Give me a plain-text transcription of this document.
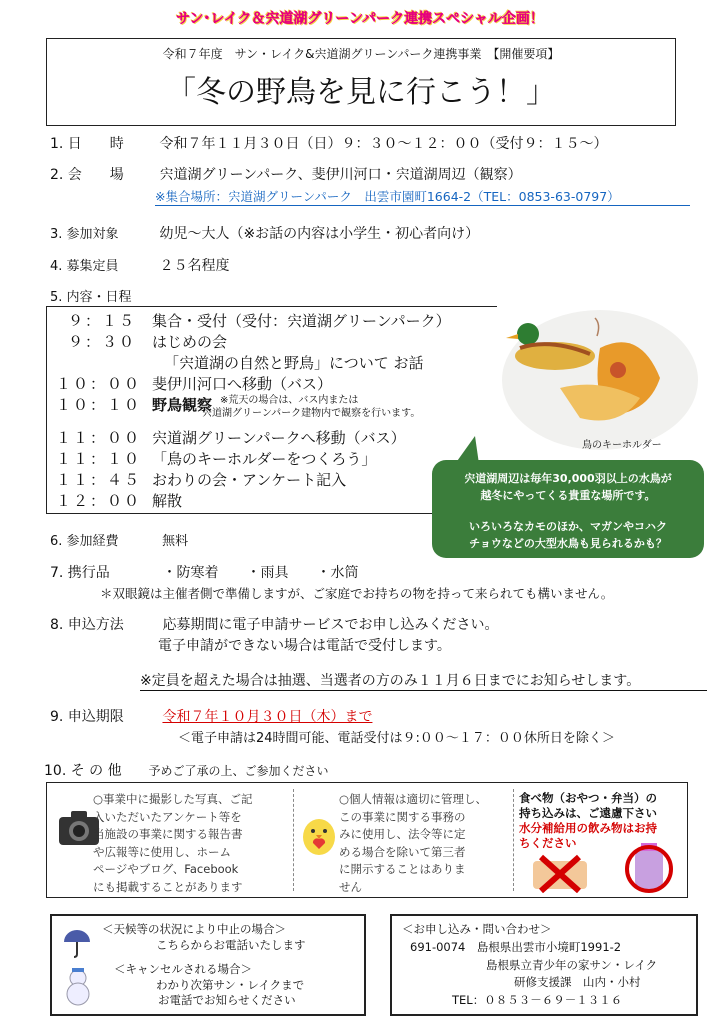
サン･レイク＆宍道湖グリーンパーク連携スペシャル企画！
令和７年度　サン・レイク&宍道湖グリーンパーク連携事業　【開催要項】
「冬の野鳥を見に行こう！」
1. 日　　時	令和７年１１月３０日（日）９：３０～１２：００（受付９：１５～）
2. 会　　場	宍道湖グリーンパーク、斐伊川河口・宍道湖周辺（観察）
※集合場所：宍道湖グリーンパーク　出雲市園町1664-2（TEL：0853-63-0797）
3. 参加対象	幼児～大人（※お話の内容は小学生・初心者向け）
4. 募集定員	２５名程度
5. 内容・日程
９：１５ 集合・受付（受付：宍道湖グリーンパーク）
９：３０ はじめの会
「宍道湖の自然と野鳥」について お話
１０：００ 斐伊川河口へ移動（バス）
１０：１０ 野鳥観察 ※荒天の場合は、バス内または
宍道湖グリーンパーク建物内で観察を行います。
１１：００ 宍道湖グリーンパークへ移動（バス）
１１：１０ 「鳥のキーホルダーをつくろう」
１１：４５ おわりの会・アンケート記入
１２：００ 解散
鳥のキーホルダー
宍道湖周辺は毎年30,000羽以上の水鳥が
越冬にやってくる貴重な場所です。
いろいろなカモのほか、マガンやコハク
チョウなどの大型水鳥も見られるかも？
6. 参加経費	無料
7. 携行品	・防寒着　　・雨具　　・水筒
＊双眼鏡は主催者側で準備しますが、ご家庭でお持ちの物を持って来られても構いません。
8. 申込方法	応募期間に電子申請サービスでお申し込みください。
電子申請ができない場合は電話で受付します。
※定員を超えた場合は抽選、当選者の方のみ１１月６日までにお知らせします。
9. 申込期限	令和７年１０月３０日（木）まで
＜電子申請は24時間可能、電話受付は９:００～１７：００休所日を除く＞
10. そ の 他 予めご了承の上、ご参加ください
○事業中に撮影した写真、ご記
入いただいたアンケート等を
当施設の事業に関する報告書
や広報等に使用し、ホーム
ページやブログ、Facebook
にも掲載することがあります
○個人情報は適切に管理し、
この事業に関する事務の
みに使用し、法令等に定
める場合を除いて第三者
に開示することはありま
せん
食べ物（おやつ・弁当）の
持ち込みは、ご遠慮下さい
水分補給用の飲み物はお持
ちください
＜天候等の状況により中止の場合＞
こちらからお電話いたします
＜キャンセルされる場合＞
わかり次第サン・レイクまで
お電話でお知らせください
＜お申し込み・問い合わせ＞
691-0074　島根県出雲市小境町1991-2
島根県立青少年の家サン・レイク
研修支援課　山内・小村
TEL：０８５３－６９－１３１６
